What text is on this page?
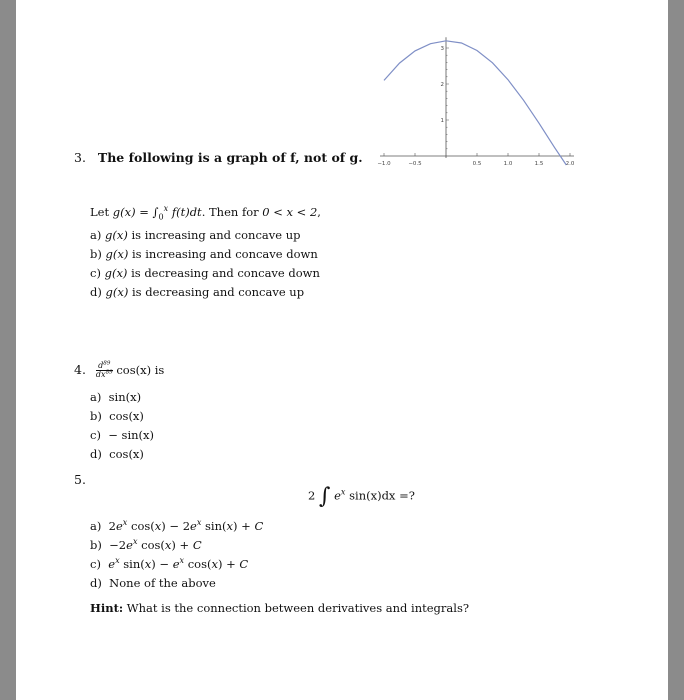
−1.0	−0.5	0.5	1.0	1.5	2.0
1
2
3
3. The following is a graph of f, not of g.
Let $g(x) = \int_0^x$ f(t)dt. Then for 0 < x < 2,
a) g(x) is increasing and concave up
b) g(x) is increasing and concave down
c) g(x) is decreasing and concave down
d) g(x) is decreasing and concave up
4. $\frac{d^{89}}{dx^{89}} \cos(x)$ is
a) sin(x)
b) cos(x)
c) − sin(x)
d) cos(x)
5.
2 ∫ $e^x$ sin(x)dx =?
a) $2e^x$ $\cos(x) - 2e^x$ sin(x) + C
$b) -2e^x$ cos(x) + C
c) $e^x$ $\sin(x) - e^x$ cos(x) + C
d) None of the above
Hint: What is the connection between derivatives and integrals?
